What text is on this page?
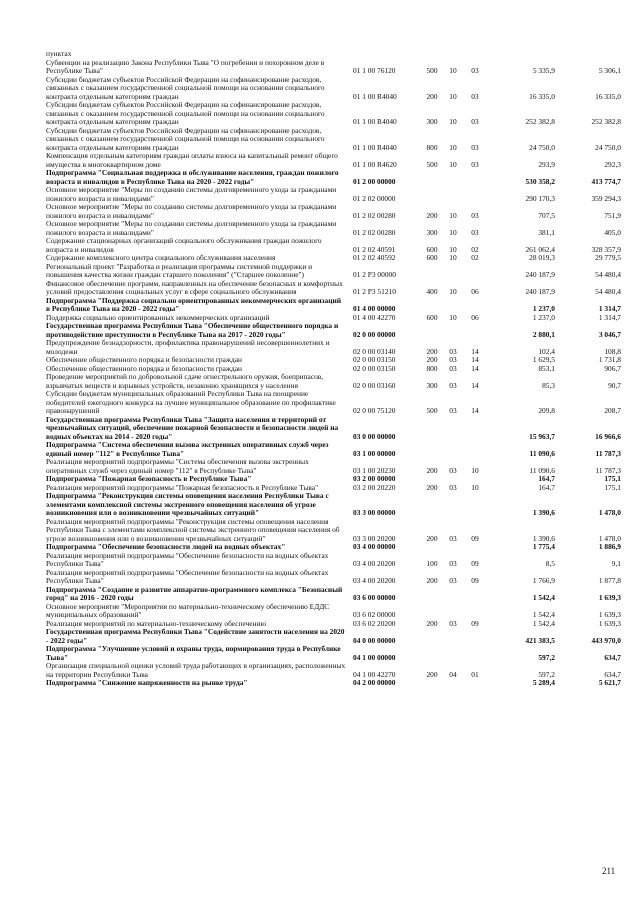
пунктах
Субвенции на реализацию Закона Республики Тыва "О погребении и похоронном деле в Республике Тыва"	01 1 00 76120	500	10	03	5 335,9	5 306,1
Субсидии бюджетам субъектов Российской Федерации на софинансирование расходов, связанных с оказанием государственной социальной помощи на основании социального контракта отдельным категориям граждан	01 1 00 R4040	200	10	03	16 335,0	16 335,0
Субсидии бюджетам субъектов Российской Федерации на софинансирование расходов, связанных с оказанием государственной социальной помощи на основании социального контракта отдельным категориям граждан	01 1 00 R4040	300	10	03	252 382,8	252 382,8
Субсидии бюджетам субъектов Российской Федерации на софинансирование расходов, связанных с оказанием государственной социальной помощи на основании социального контракта отдельным категориям граждан	01 1 00 R4040	800	10	03	24 750,0	24 750,0
Компенсация отдельным категориям граждан оплаты взноса на капитальный ремонт общего имущества в многоквартирном доме	01 1 00 R4620	500	10	03	293,9	292,3
Подпрограмма "Социальная поддержка и обслуживание населения, граждан пожилого возраста и инвалидов в Республике Тыва на 2020 - 2022 годы"	01 2 00 00000	530 358,2	413 774,7
Основное мероприятие "Меры по созданию системы долговременного ухода за гражданами пожилого возраста и инвалидами"	01 2 02 00000	290 170,3	359 294,3
Основное мероприятие "Меры по созданию системы долговременного ухода за гражданами пожилого возраста и инвалидами"	01 2 02 00280	200	10	03	707,5	751,9
Основное мероприятие "Меры по созданию системы долговременного ухода за гражданами пожилого возраста и инвалидами"	01 2 02 00280	300	10	03	381,1	405,0
Содержание стационарных организаций социального обслуживания граждан пожилого возраста и инвалидов	01 2 02 40591	600	10	02	261 062,4	328 357,9
Содержание комплексного центра социального обслуживания населения	01 2 02 40592	600	10	02	28 019,3	29 779,5
Региональный проект "Разработка и реализация программы системной поддержки и повышения качества жизни граждан старшего поколения" ("Старшее поколение")	01 2 P3 00000	240 187,9	54 480,4
Финансовое обеспечение программ, направленных на обеспечение безопасных и комфортных условий предоставления социальных услуг в сфере социального обслуживания	01 2 P3 51210	400	10	06	240 187,9	54 480,4
Подпрограмма "Поддержка социально ориентированных некоммерческих организаций в Республике Тыва на 2020 - 2022 годы"	01 4 00 00000	1 237,0	1 314,7
Поддержка социально ориентированных некоммерческих организаций	01 4 00 42270	600	10	06	1 237,0	1 314,7
Государственная программа Республики Тыва "Обеспечение общественного порядка и противодействие преступности в Республике Тыва на 2017 - 2020 годы"	02 0 00 00000	2 880,1	3 046,7
Предупреждение безнадзорности, профилактика правонарушений несовершеннолетних и молодежи	02 0 00 03140	200	03	14	102,4	108,8
Обеспечение общественного порядка и безопасности граждан	02 0 00 03150	200	03	14	1 629,5	1 731,8
Обеспечение общественного порядка и безопасности граждан	02 0 00 03150	800	03	14	853,1	906,7
Проведение мероприятий по добровольной сдаче огнестрельного оружия, боеприпасов, взрывчатых веществ и взрывных устройств, незаконно хранящихся у населения	02 0 00 03160	300	03	14	85,3	90,7
Субсидии бюджетам муниципальных образований Республики Тыва на поощрение победителей ежегодного конкурса на лучшее муниципальное образование по профилактике правонарушений	02 0 00 75120	500	03	14	209,8	208,7
Государственная программа Республики Тыва "Защита населения и территорий от чрезвычайных ситуаций, обеспечение пожарной безопасности и безопасности людей на водных объектах на 2014 - 2020 годы"	03 0 00 00000	15 963,7	16 966,6
Подпрограмма "Система обеспечения вызова экстренных оперативных служб через единый номер "112" в Республике Тыва"	03 1 00 00000	11 090,6	11 787,3
Реализация мероприятий подпрограммы "Система обеспечения вызова экстренных оперативных служб через единый номер "112" в Республике Тыва"	03 1 00 20230	200	03	10	11 090,6	11 787,3
Подпрограмма "Пожарная безопасность в Республике Тыва"	03 2 00 00000	164,7	175,1
Реализация мероприятий подпрограммы "Пожарная безопасность в Республике Тыва"	03 2 00 20220	200	03	10	164,7	175,1
Подпрограмма "Реконструкция системы оповещения населения Республики Тыва с элементами комплексной системы экстренного оповещения населения об угрозе возникновения или о возникновении чрезвычайных ситуаций"	03 3 00 00000	1 390,6	1 478,0
Реализация мероприятий подпрограммы "Реконструкция системы оповещения населения Республики Тыва с элементами комплексной системы экстренного оповещения населения об угрозе возникновения или о возникновении чрезвычайных ситуаций"	03 3 00 20200	200	03	09	1 390,6	1 478,0
Подпрограмма "Обеспечение безопасности людей на водных объектах"	03 4 00 00000	1 775,4	1 886,9
Реализация мероприятий подпрограммы "Обеспечение безопасности на водных объектах Республики Тыва"	03 4 00 20200	100	03	09	8,5	9,1
Реализация мероприятий подпрограммы "Обеспечение безопасности на водных объектах Республики Тыва"	03 4 00 20200	200	03	09	1 766,9	1 877,8
Подпрограмма "Создание и развитие аппаратно-программного комплекса "Безопасный город" на 2016 - 2020 годы	03 6 00 00000	1 542,4	1 639,3
Основное мероприятие "Мероприятия по материально-техническому обеспечению ЕДДС муниципальных образований"	03 6 02 00000	1 542,4	1 639,3
Реализация мероприятий по материально-техническому обеспечению	03 6 02 20200	200	03	09	1 542,4	1 639,3
Государственная программа Республики Тыва "Содействие занятости населения на 2020 - 2022 годы"	04 0 00 00000	421 383,5	443 970,0
Подпрограмма "Улучшение условий и охраны труда, нормирования труда в Республике Тыва"	04 1 00 00000	597,2	634,7
Организация специальной оценки условий труда работающих в организациях, расположенных на территории Республики Тыва	04 1 00 42270	200	04	01	597,2	634,7
Подпрограмма "Снижение напряженности на рынке труда"	04 2 00 00000	5 289,4	5 621,7
211
